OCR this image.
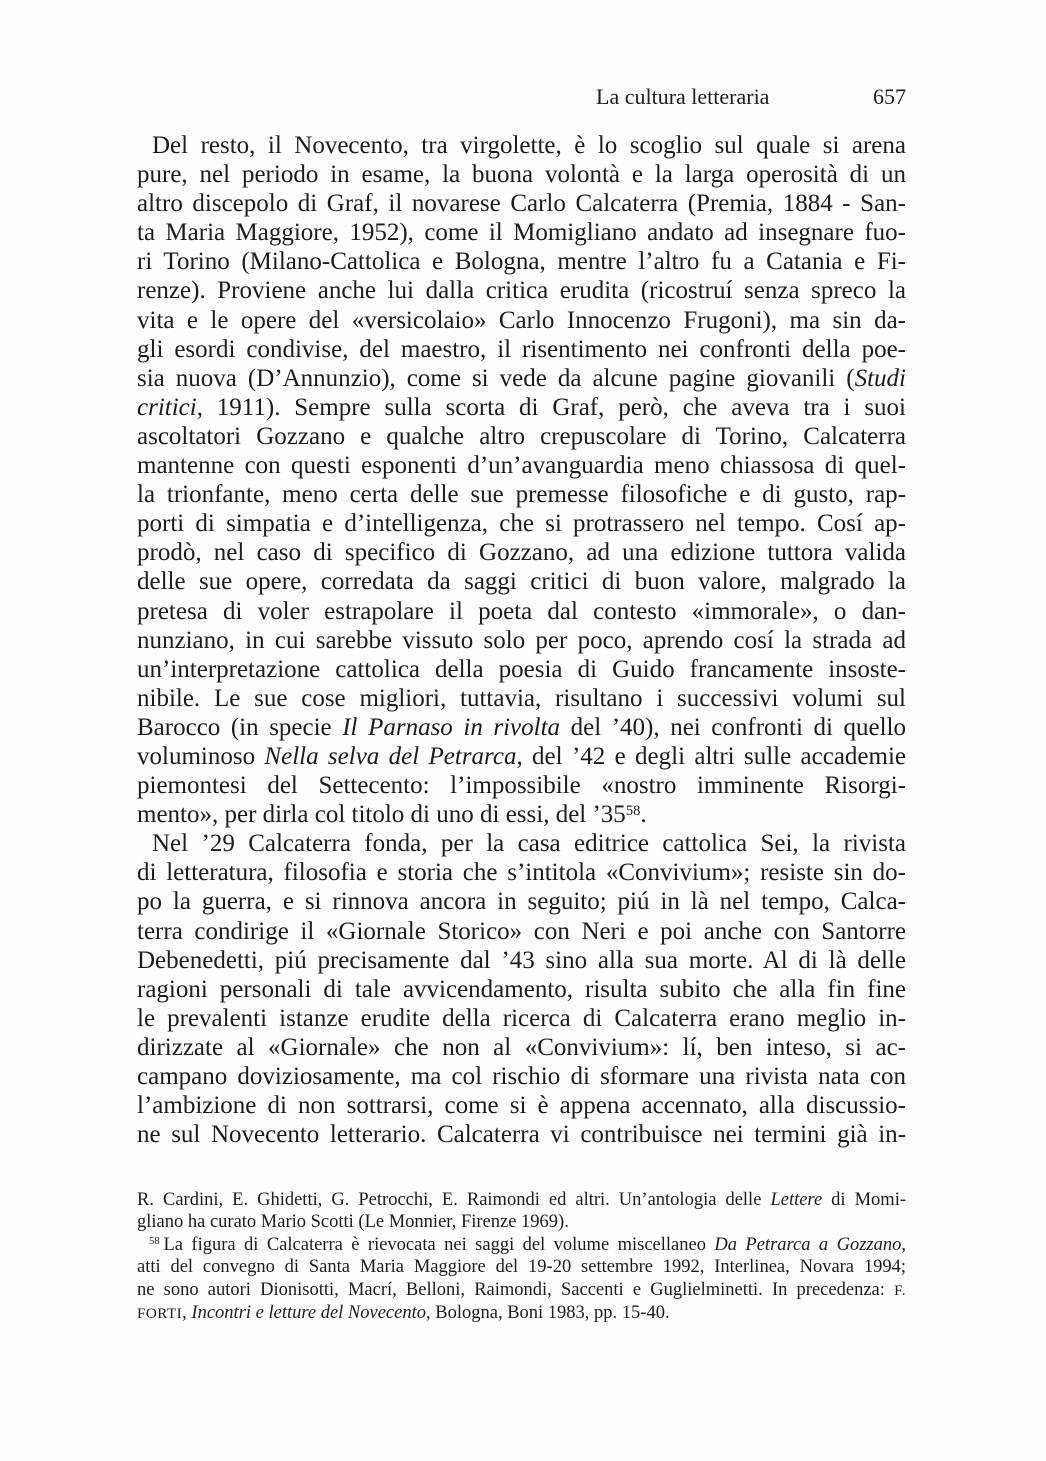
La cultura letteraria	657
Del resto, il Novecento, tra virgolette, è lo scoglio sul quale si arena
pure, nel periodo in esame, la buona volontà e la larga operosità di un
altro discepolo di Graf, il novarese Carlo Calcaterra (Premia, 1884 - San-
ta Maria Maggiore, 1952), come il Momigliano andato ad insegnare fuo-
ri Torino (Milano-Cattolica e Bologna, mentre l’altro fu a Catania e Fi-
renze). Proviene anche lui dalla critica erudita (ricostruí senza spreco la
vita e le opere del «versicolaio» Carlo Innocenzo Frugoni), ma sin da-
gli esordi condivise, del maestro, il risentimento nei confronti della poe-
sia nuova (D’Annunzio), come si vede da alcune pagine giovanili (Studi
critici, 1911). Sempre sulla scorta di Graf, però, che aveva tra i suoi
ascoltatori Gozzano e qualche altro crepuscolare di Torino, Calcaterra
mantenne con questi esponenti d’un’avanguardia meno chiassosa di quel-
la trionfante, meno certa delle sue premesse filosofiche e di gusto, rap-
porti di simpatia e d’intelligenza, che si protrassero nel tempo. Cosí ap-
prodò, nel caso di specifico di Gozzano, ad una edizione tuttora valida
delle sue opere, corredata da saggi critici di buon valore, malgrado la
pretesa di voler estrapolare il poeta dal contesto «immorale», o dan-
nunziano, in cui sarebbe vissuto solo per poco, aprendo cosí la strada ad
un’interpretazione cattolica della poesia di Guido francamente insoste-
nibile. Le sue cose migliori, tuttavia, risultano i successivi volumi sul
Barocco (in specie Il Parnaso in rivolta del ’40), nei confronti di quello
voluminoso Nella selva del Petrarca, del ’42 e degli altri sulle accademie
piemontesi del Settecento: l’impossibile «nostro imminente Risorgi-
mento», per dirla col titolo di uno di essi, del $’35^{58}$.
Nel ’29 Calcaterra fonda, per la casa editrice cattolica Sei, la rivista
di letteratura, filosofia e storia che s’intitola «Convivium»; resiste sin do-
po la guerra, e si rinnova ancora in seguito; piú in là nel tempo, Calca-
terra condirige il «Giornale Storico» con Neri e poi anche con Santorre
Debenedetti, piú precisamente dal ’43 sino alla sua morte. Al di là delle
ragioni personali di tale avvicendamento, risulta subito che alla fin fine
le prevalenti istanze erudite della ricerca di Calcaterra erano meglio in-
dirizzate al «Giornale» che non al «Convivium»: lí, ben inteso, si ac-
campano doviziosamente, ma col rischio di sformare una rivista nata con
l’ambizione di non sottrarsi, come si è appena accennato, alla discussio-
ne sul Novecento letterario. Calcaterra vi contribuisce nei termini già in-
R. Cardini, E. Ghidetti, G. Petrocchi, E. Raimondi ed altri. Un’antologia delle Lettere di Momi-
gliano ha curato Mario Scotti (Le Monnier, Firenze 1969).
$^{58}$ La figura di Calcaterra è rievocata nei saggi del volume miscellaneo Da Petrarca a Gozzano,
atti del convegno di Santa Maria Maggiore del 19-20 settembre 1992, Interlinea, Novara 1994;
ne sono autori Dionisotti, Macrí, Belloni, Raimondi, Saccenti e Guglielminetti. In precedenza: F.
FORTI, Incontri e letture del Novecento, Bologna, Boni 1983, pp. 15-40.
